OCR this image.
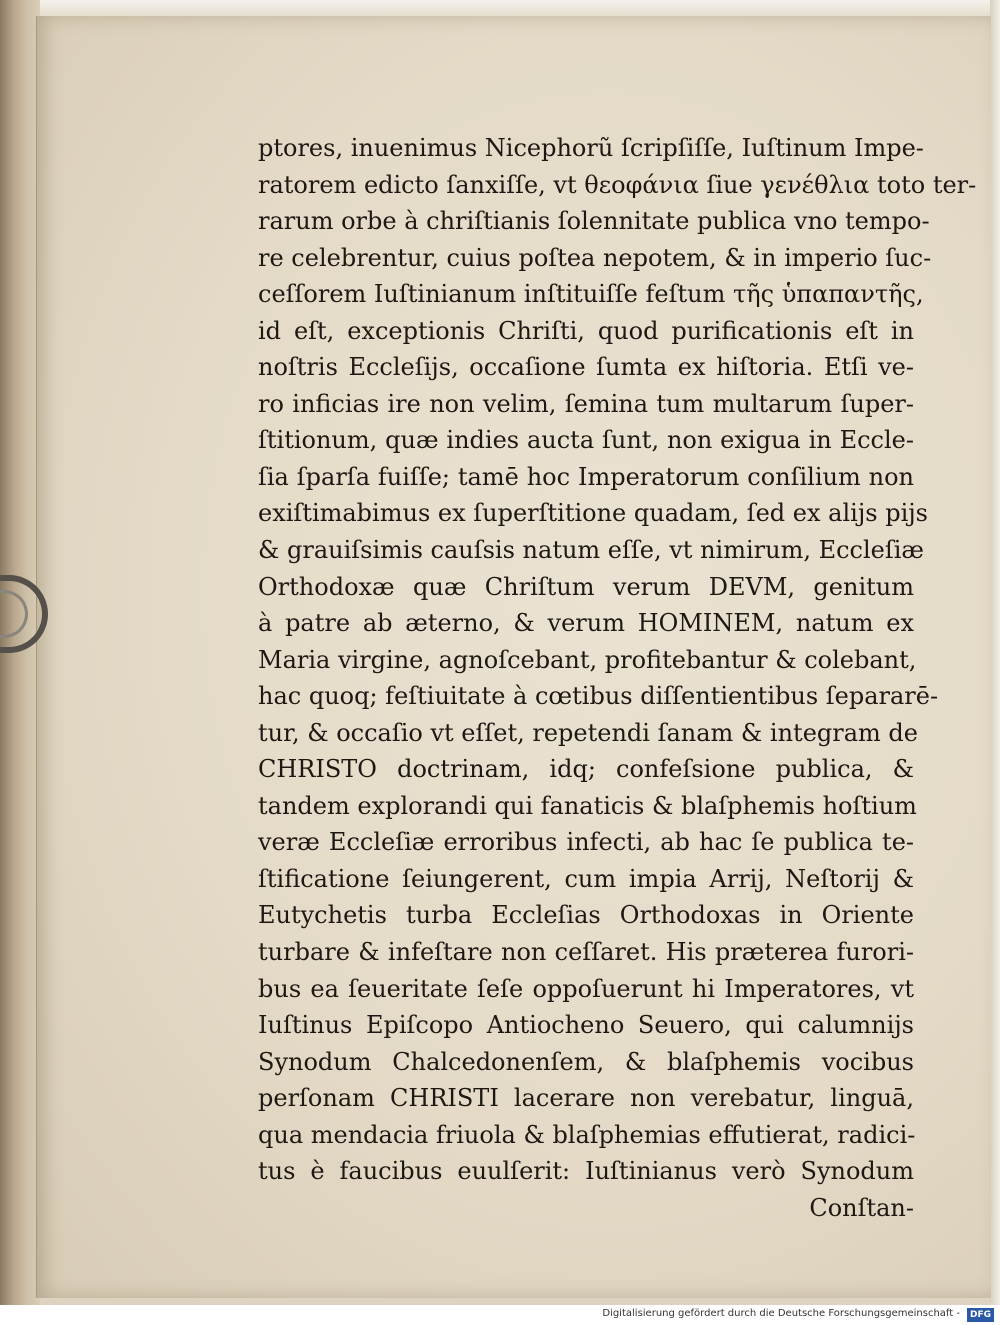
ptores, inuenimus Nicephorũ ſcripſiſſe, Iuſtinum Impe-
ratorem edicto ſanxiſſe, vt θεοφάνια ſiue γενέθλια toto ter-
rarum orbe à chriſtianis ſolennitate publica vno tempo-
re celebrentur, cuius poſtea nepotem, & in imperio ſuc-
ceſſorem Iuſtinianum inſtituiſſe feſtum τῆς ὑπαπαντῆς,
id eſt, exceptionis Chriſti, quod purificationis eſt in
noſtris Eccleſijs, occaſione ſumta ex hiſtoria. Etſi ve-
ro inficias ire non velim, ſemina tum multarum ſuper-
ſtitionum, quæ indies aucta ſunt, non exigua in Eccle-
ſia ſparſa fuiſſe; tamē hoc Imperatorum conſilium non
exiſtimabimus ex ſuperſtitione quadam, ſed ex alijs pijs
& grauiſsimis cauſsis natum eſſe, vt nimirum, Eccleſiæ
Orthodoxæ quæ Chriſtum verum DEVM, genitum
à patre ab æterno, & verum HOMINEM, natum ex
Maria virgine, agnoſcebant, profitebantur & colebant,
hac quoq; feſtiuitate à cœtibus diſſentientibus ſepararē-
tur, & occaſio vt eſſet, repetendi ſanam & integram de
CHRISTO doctrinam, idq; confeſsione publica, &
tandem explorandi qui fanaticis & blaſphemis hoſtium
veræ Eccleſiæ erroribus infecti, ab hac ſe publica te-
ſtificatione ſeiungerent, cum impia Arrij, Neſtorij &
Eutychetis turba Eccleſias Orthodoxas in Oriente
turbare & infeſtare non ceſſaret. His præterea furori-
bus ea ſeueritate ſeſe oppoſuerunt hi Imperatores, vt
Iuſtinus Epiſcopo Antiocheno Seuero, qui calumnijs
Synodum Chalcedonenſem, & blaſphemis vocibus
perſonam CHRISTI lacerare non verebatur, linguā,
qua mendacia friuola & blaſphemias effutierat, radici-
tus è faucibus euulſerit: Iuſtinianus verò Synodum
Conſtan-
Digitalisierung gefördert durch die Deutsche Forschungsgemeinschaft -	DFG
